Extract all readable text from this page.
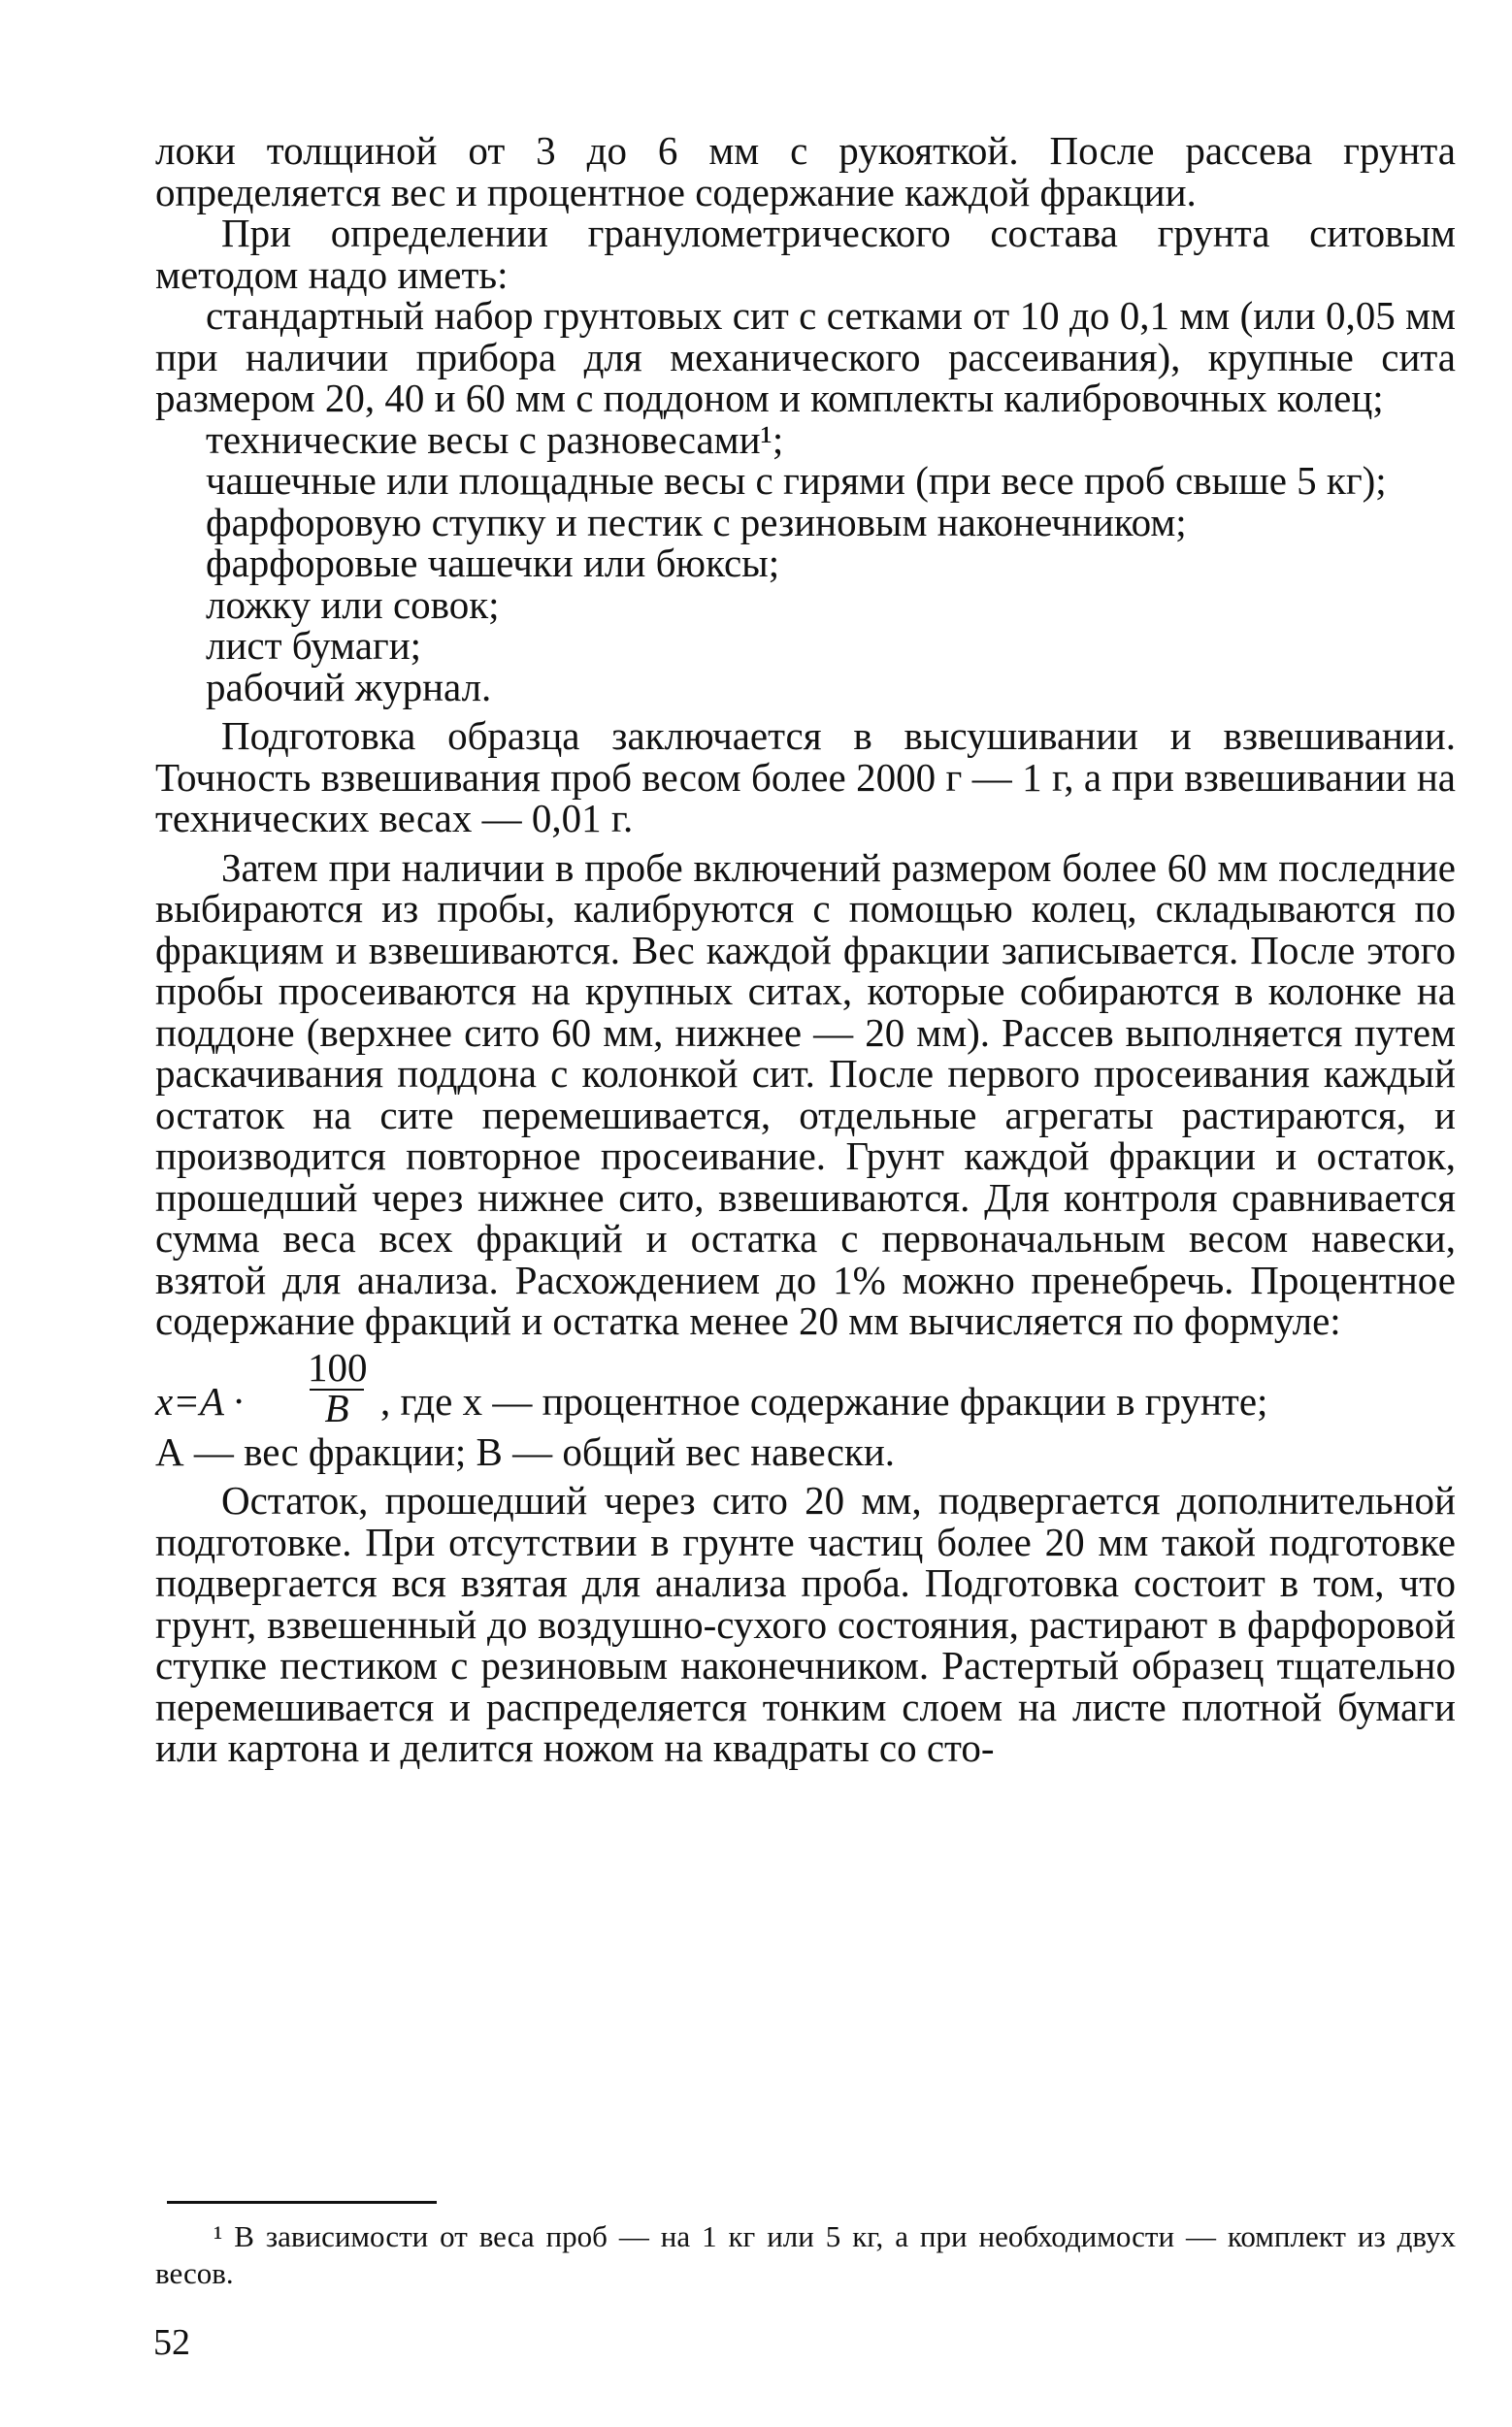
локи толщиной от 3 до 6 мм с рукояткой. После рассева грунта определяется вес и процентное содержание каждой фракции.

При определении гранулометрического состава грунта ситовым методом надо иметь:

стандартный набор грунтовых сит с сетками от 10 до 0,1 мм (или 0,05 мм при наличии прибора для механического рассеивания), крупные сита размером 20, 40 и 60 мм с поддоном и комплекты калибровочных колец;

технические весы с разновесами¹;

чашечные или площадные весы с гирями (при весе проб свыше 5 кг);

фарфоровую ступку и пестик с резиновым наконечником;

фарфоровые чашечки или бюксы;

ложку или совок;

лист бумаги;

рабочий журнал.

Подготовка образца заключается в высушивании и взвешивании. Точность взвешивания проб весом более 2000 г — 1 г, а при взвешивании на технических весах — 0,01 г.

Затем при наличии в пробе включений размером более 60 мм последние выбираются из пробы, калибруются с помощью колец, складываются по фракциям и взвешиваются. Вес каждой фракции записывается. После этого пробы просеиваются на крупных ситах, которые собираются в колонке на поддоне (верхнее сито 60 мм, нижнее — 20 мм). Рассев выполняется путем раскачивания поддона с колонкой сит. После первого просеивания каждый остаток на сите перемешивается, отдельные агрегаты растираются, и производится повторное просеивание. Грунт каждой фракции и остаток, прошедший через нижнее сито, взвешиваются. Для контроля сравнивается сумма веса всех фракций и остатка с первоначальным весом навески, взятой для анализа. Расхождением до 1% можно пренебречь. Процентное содержание фракций и остатка менее 20 мм вычисляется по формуле:

x=A ·
100
B , где x — процентное содержание фракции в грунте;

А — вес фракции; В — общий вес навески.

Остаток, прошедший через сито 20 мм, подвергается дополнительной подготовке. При отсутствии в грунте частиц более 20 мм такой подготовке подвергается вся взятая для анализа проба. Подготовка состоит в том, что грунт, взвешенный до воздушно-сухого состояния, растирают в фарфоровой ступке пестиком с резиновым наконечником. Растертый образец тщательно перемешивается и распределяется тонким слоем на листе плотной бумаги или картона и делится ножом на квадраты со сто-

¹ В зависимости от веса проб — на 1 кг или 5 кг, а при необходимости — комплект из двух весов.

52
